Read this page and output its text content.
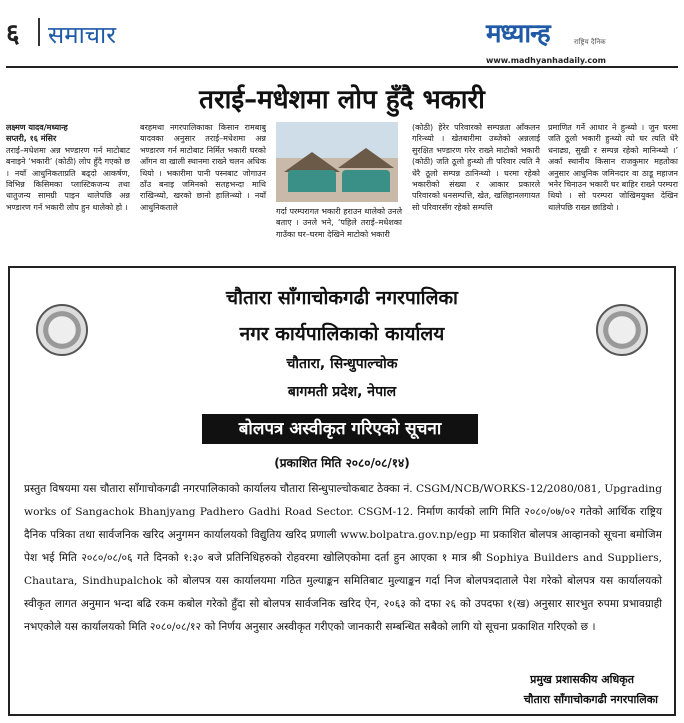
६ समाचार	मध्यान्ह	राष्ट्रिय दैनिक
www.madhyanhadaily.com
तराई–मधेशमा लोप हुँदै भकारी
लक्ष्मण यादव/मध्यान्ह
सप्तरी, १६ मंसिर
तराई–मधेशमा अन्न भण्डारण गर्न माटोबाट बनाइने ‘भकारी’ (कोठी) लोप हुँदै गएको छ । नयाँ आधुनिकताप्रति बढ्दाे आकर्षण, विभिन्न किसिमका प्लास्टिकजन्य तथा धातुजन्य सामग्री पाइन थालेपछि अन्न भण्डारण गर्न भकारी लोप हुन थालेको हो ।
बरहमथा नगरपालिकाका किसान रामबाबु यादवका अनुसार तराई–मधेशमा अन्न भण्डारण गर्न माटोबाट निर्मित भकारी घरको आँगन वा खाली स्थानमा राख्ने चलन अधिक थियो । भकारीमा पानी पस्नबाट जोगाउन ठाँउ बनाइ जमिनको सतहभन्दा माथि राखिन्थ्यो, खरको छानो हालिन्थ्यो । नयाँ आधुनिकताले	गर्दा परम्परागत भकारी हराउन थालेको उनले बताए । उनले भने, ‘पहिले तराई–मधेशका गाउँका घर–घरमा देखिने माटोको भकारी
(कोठी) हेरेर परिवारको सम्पन्नता आँकलन गरिन्थ्यो । खेतबारीमा उब्जेको अन्नलाई सुरक्षित भण्डारण गरेर राख्ने माटोको भकारी (कोठी) जति ठूलो हुन्थ्यो ती परिवार त्यति नै धेरै ठूलो सम्पन्न ठानिन्थ्यो । घरमा रहेको भकारीको संख्या र आकार प्रकारले परिवारको धनसम्पत्ति, खेत, खलिहानलगायत सो परिवारसँग रहेको सम्पत्ति
प्रमाणित गर्ने आधार ने हुन्थ्यो । जुन घरमा जति ठूलो भकारी हुन्थ्यो त्यो घर त्यति धेरै धनाढ्य, सुखी र सम्पन्न रहेको मानिन्थ्यो ।’ अर्का स्थानीय किसान राजकुमार महतोका अनुसार आधुनिक जमिनदार वा ठाडू महाजन भनेर चिनाउन भकारी घर बाहिर राख्ने परम्परा थियो । सो परम्परा जोखिमयुक्त देखिन थालेपछि राख्न छाडियो ।
चौतारा साँगाचोकगढी नगरपालिका
नगर कार्यपालिकाको कार्यालय
चौतारा, सिन्धुपाल्चोक
बागमती प्रदेश, नेपाल
बोलपत्र अस्वीकृत गरिएको सूचना
(प्रकाशित मिति २०८०/०८/१४)
प्रस्तुत विषयमा यस चौतारा साँगाचोकगढी नगरपालिकाको कार्यालय चौतारा सिन्धुपाल्चोकबाट ठेक्का नं. CSGM/NCB/WORKS-12/2080/081, Upgrading works of Sangachok Bhanjyang Padhero Gadhi Road Sector. CSGM-12. निर्माण कार्यको लागि मिति २०८०/०७/०२ गतेको आर्थिक राष्ट्रिय दैनिक पत्रिका तथा सार्वजनिक खरिद अनुगमन कार्यालयको विद्युतिय खरिद प्रणाली www.bolpatra.gov.np/egp मा प्रकाशित बोलपत्र आव्हानको सूचना बमोजिम पेश भई मिति २०८०/०८/०६ गते दिनको १:३० बजे प्रतिनिधिहरुको रोहवरमा खोलिएकोमा दर्ता हुन आएका १ मात्र श्री Sophiya Builders and Suppliers, Chautara, Sindhupalchok को बोलपत्र यस कार्यालयमा गठित मुल्याङ्कन समितिबाट मुल्याङ्कन गर्दा निज बोलपत्रदाताले पेश गरेको बोलपत्र यस कार्यालयको स्वीकृत लागत अनुमान भन्दा बढि रकम कबोल गरेको हुँदा सो बोलपत्र सार्वजनिक खरिद ऐन, २०६३ को दफा २६ को उपदफा १(ख) अनुसार सारभुत रुपमा प्रभावग्राही नभएकोले यस कार्यालयको मिति २०८०/०८/१२ को निर्णय अनुसार अस्वीकृत गरीएको जानकारी सम्बन्धित सबैको लागि यो सूचना प्रकाशित गरिएको छ ।
प्रमुख प्रशासकीय अधिकृत
चौतारा साँगाचोकगढी नगरपालिका
